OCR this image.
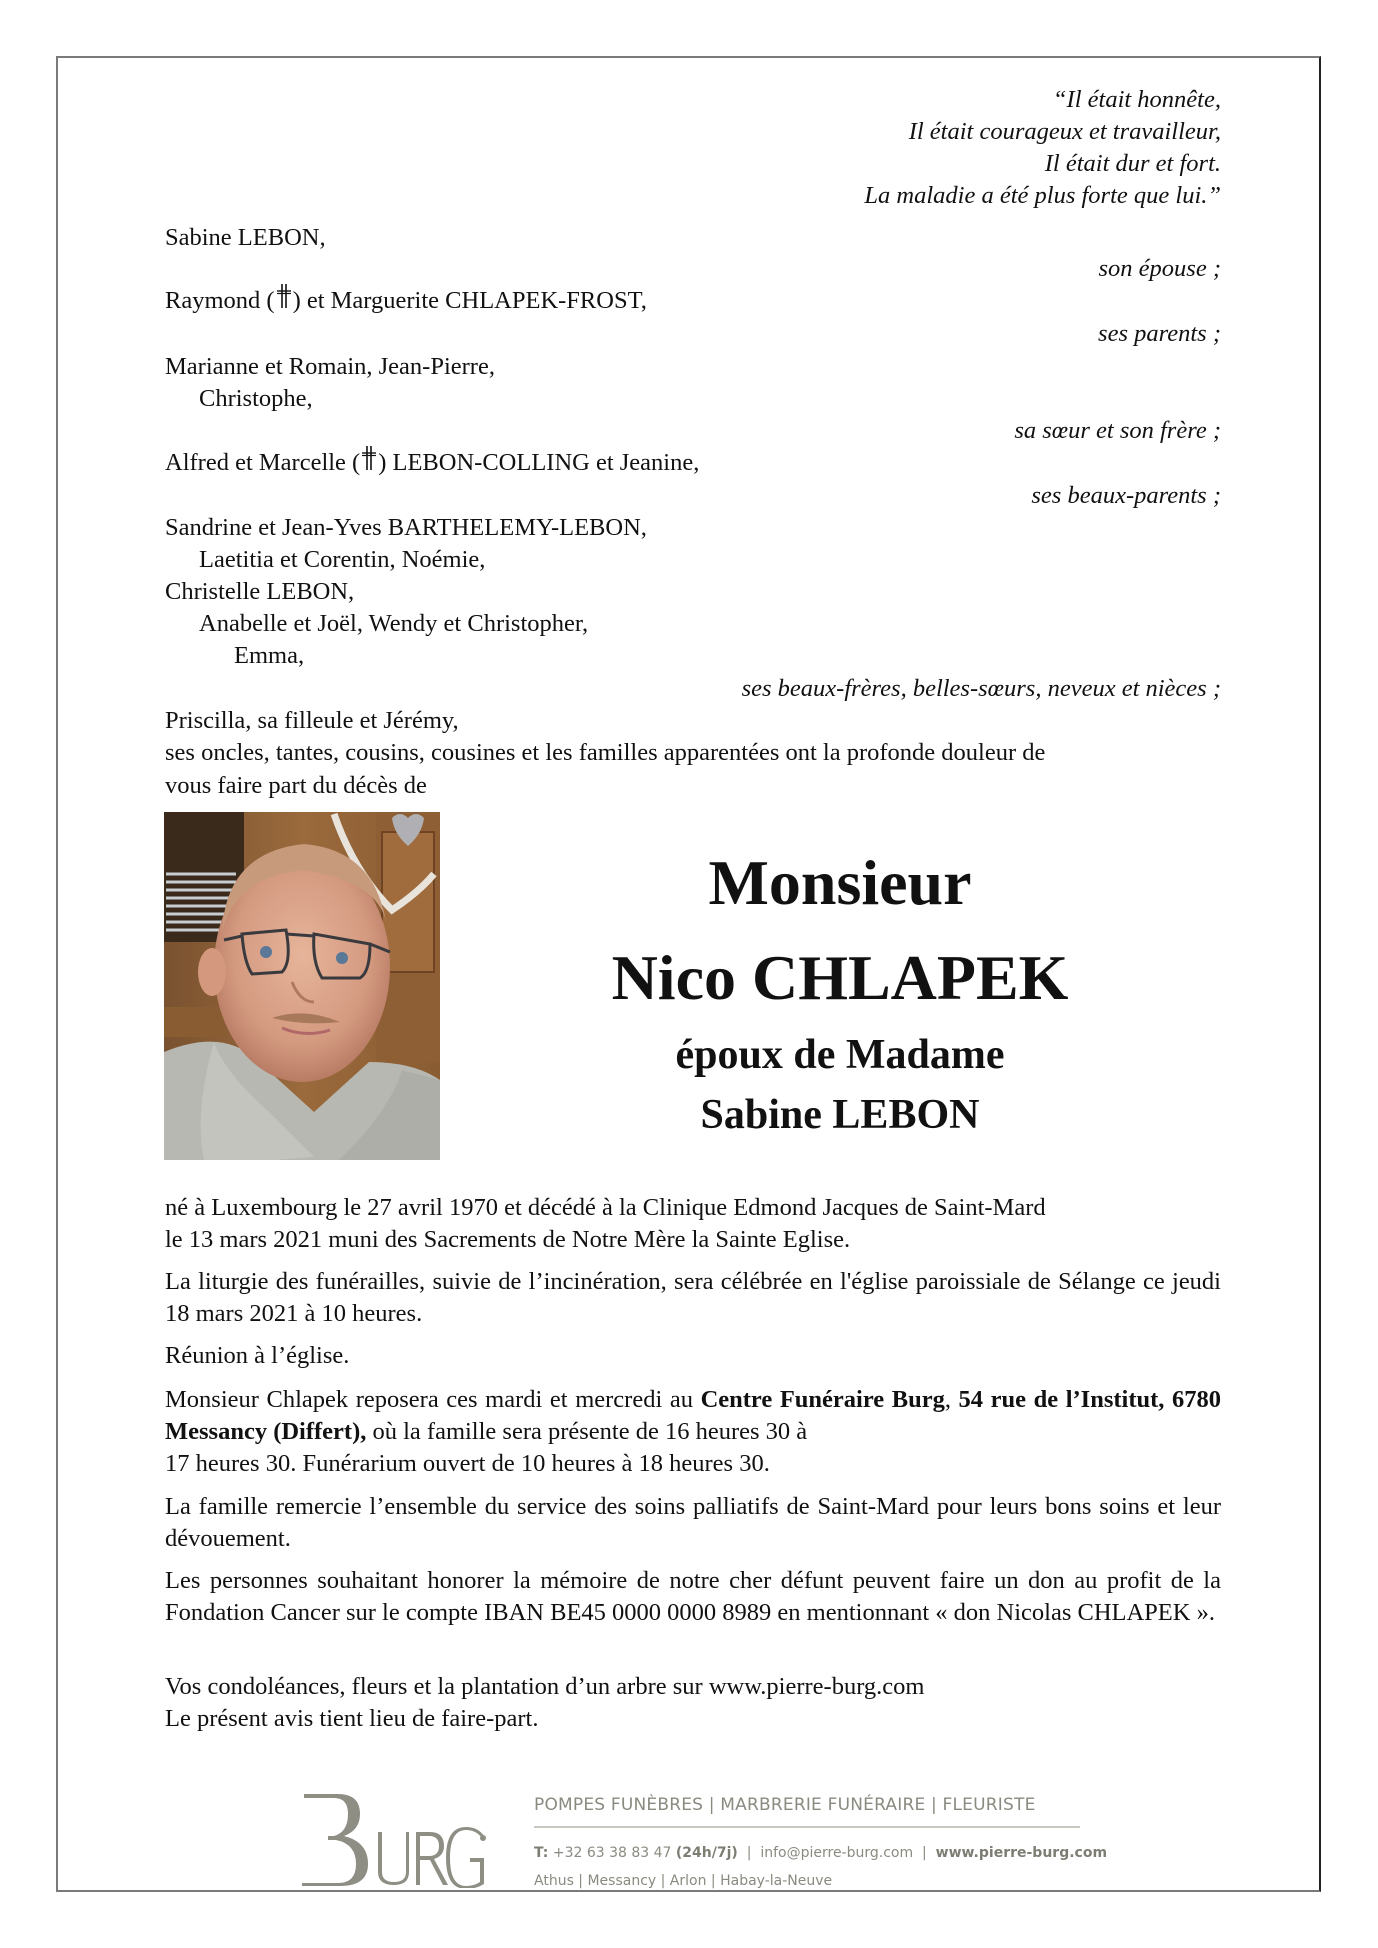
“Il était honnête,
Il était courageux et travailleur,
Il était dur et fort.
La maladie a été plus forte que lui.”
Sabine LEBON,
son épouse ;
Raymond ( ) et Marguerite CHLAPEK-FROST,
ses parents ;
Marianne et Romain, Jean-Pierre,
Christophe,
sa sœur et son frère ;
Alfred et Marcelle ( ) LEBON-COLLING et Jeanine,
ses beaux-parents ;
Sandrine et Jean-Yves BARTHELEMY-LEBON,
Laetitia et Corentin, Noémie,
Christelle LEBON,
Anabelle et Joël, Wendy et Christopher,
Emma,
ses beaux-frères, belles-sœurs, neveux et nièces ;
Priscilla, sa filleule et Jérémy,
ses oncles, tantes, cousins, cousines et les familles apparentées ont la profonde douleur de
vous faire part du décès de
Monsieur
Nico CHLAPEK
époux de Madame
Sabine LEBON
né à Luxembourg le 27 avril 1970 et décédé à la Clinique Edmond Jacques de Saint-Mard
le 13 mars 2021 muni des Sacrements de Notre Mère la Sainte Eglise.
La liturgie des funérailles, suivie de l’incinération, sera célébrée en l'église paroissiale de Sélange ce jeudi 18 mars 2021 à 10 heures.
Réunion à l’église.
Monsieur Chlapek reposera ces mardi et mercredi au Centre Funéraire Burg, 54 rue de l’Institut, 6780 Messancy (Differt), où la famille sera présente de 16 heures 30 à
17 heures 30. Funérarium ouvert de 10 heures à 18 heures 30.
La famille remercie l’ensemble du service des soins palliatifs de Saint-Mard pour leurs bons soins et leur dévouement.
Les personnes souhaitant honorer la mémoire de notre cher défunt peuvent faire un don au profit de la Fondation Cancer sur le compte IBAN BE45 0000 0000 8989 en mentionnant « don Nicolas CHLAPEK ».
Vos condoléances, fleurs et la plantation d’un arbre sur www.pierre-burg.com
Le présent avis tient lieu de faire-part.
POMPES FUNÈBRES | MARBRERIE FUNÉRAIRE | FLEURISTE
T: +32 63 38 83 47 (24h/7j)  |  info@pierre-burg.com  |  www.pierre-burg.com
Athus | Messancy | Arlon | Habay-la-Neuve
